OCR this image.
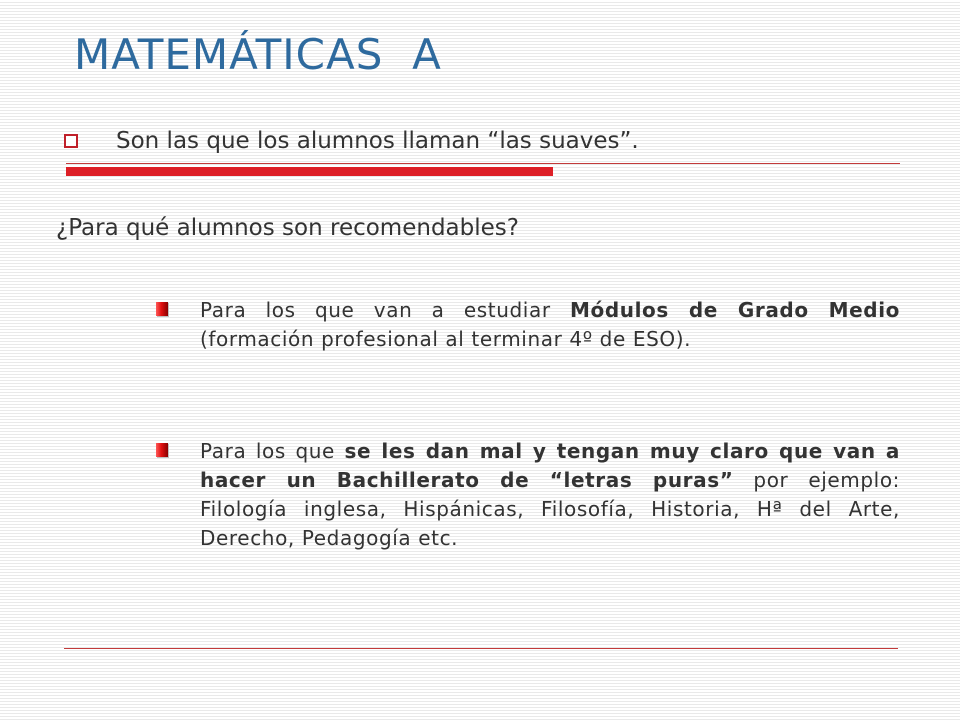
MATEMÁTICAS  A
Son las que los alumnos llaman “las suaves”.
¿Para qué alumnos son recomendables?
Para los que van a estudiar Módulos de Grado Medio (formación profesional al terminar 4º de ESO).
Para los que se les dan mal y tengan muy claro que van a hacer un Bachillerato de “letras puras” por ejemplo: Filología inglesa, Hispánicas, Filosofía, Historia, Hª del Arte, Derecho, Pedagogía etc.
